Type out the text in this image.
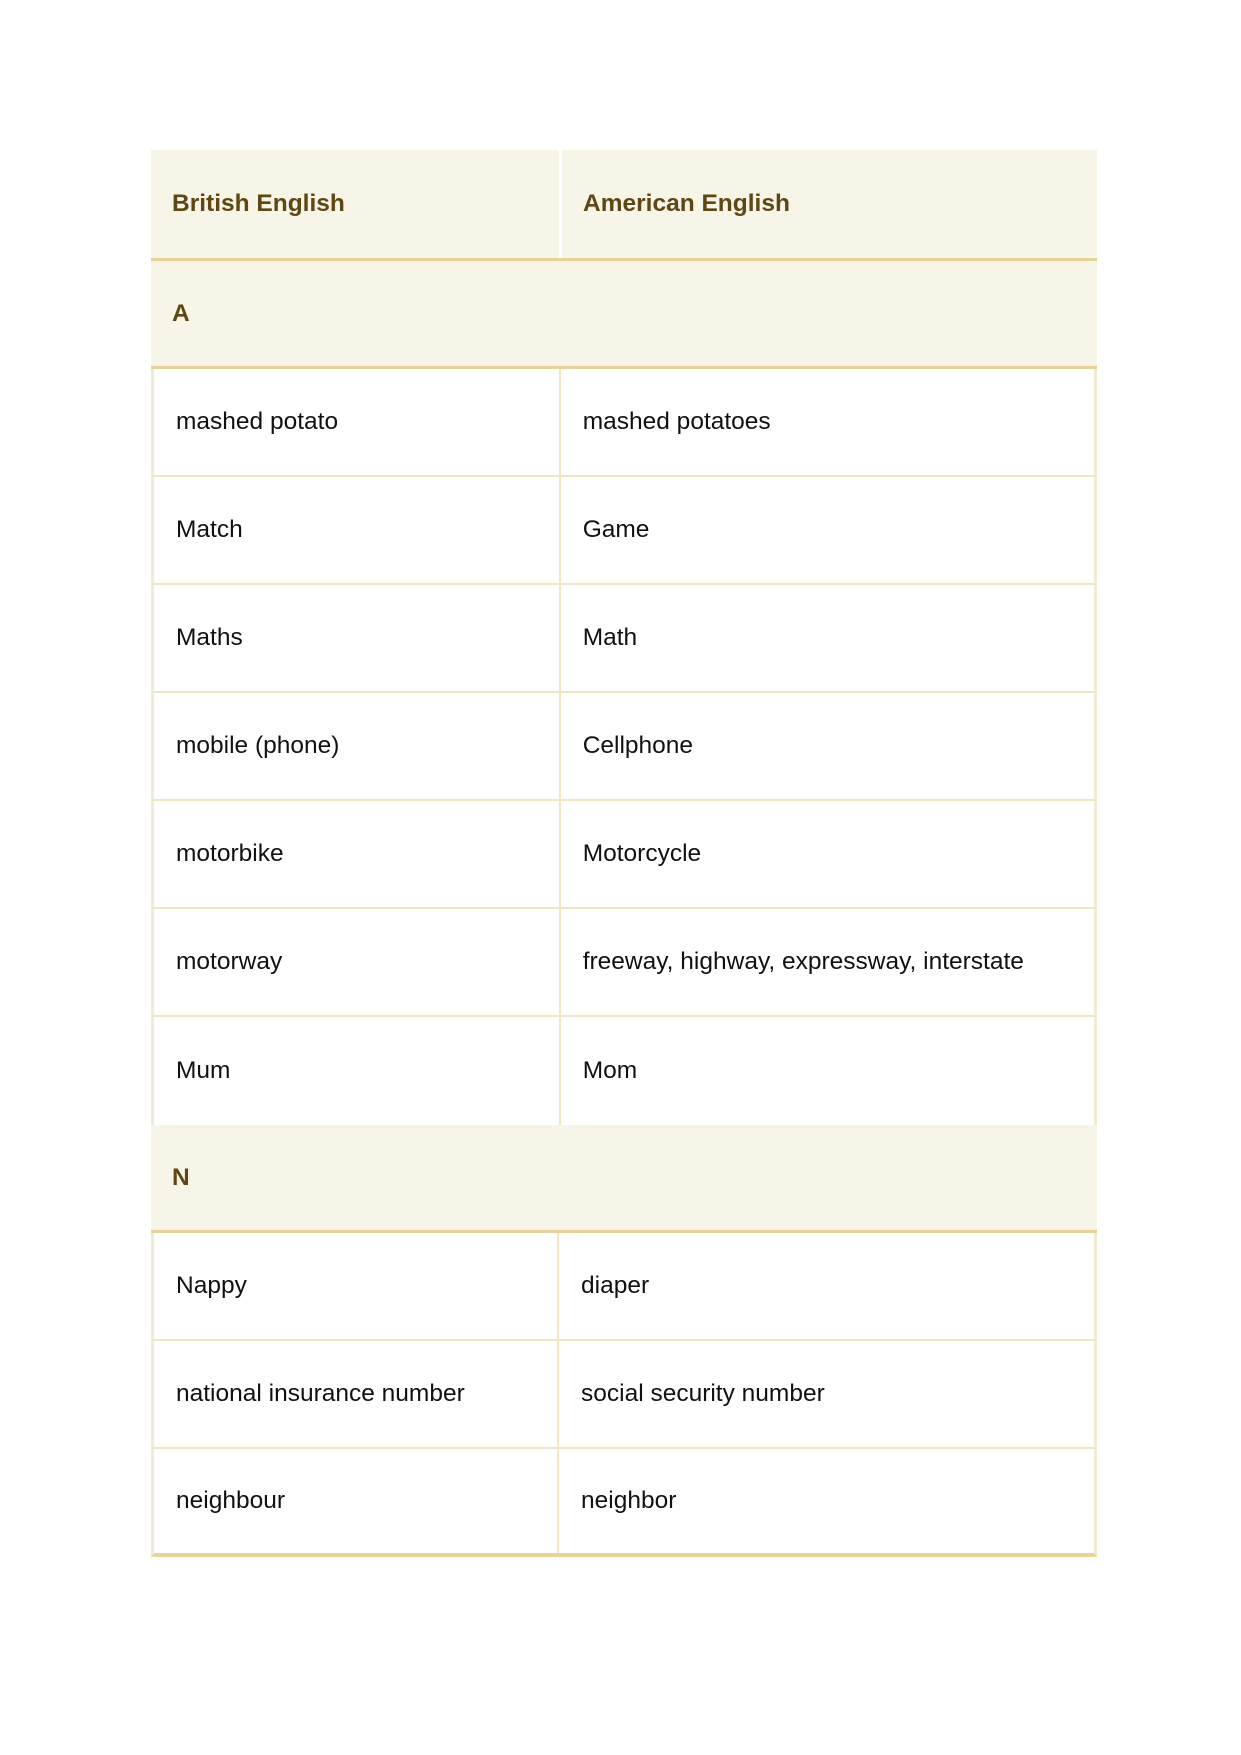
British English	American English
A
mashed potato	mashed potatoes
Match	Game
Maths	Math
mobile (phone)	Cellphone
motorbike	Motorcycle
motorway	freeway, highway, expressway, interstate
Mum	Mom
N
Nappy	diaper
national insurance number	social security number
neighbour	neighbor
